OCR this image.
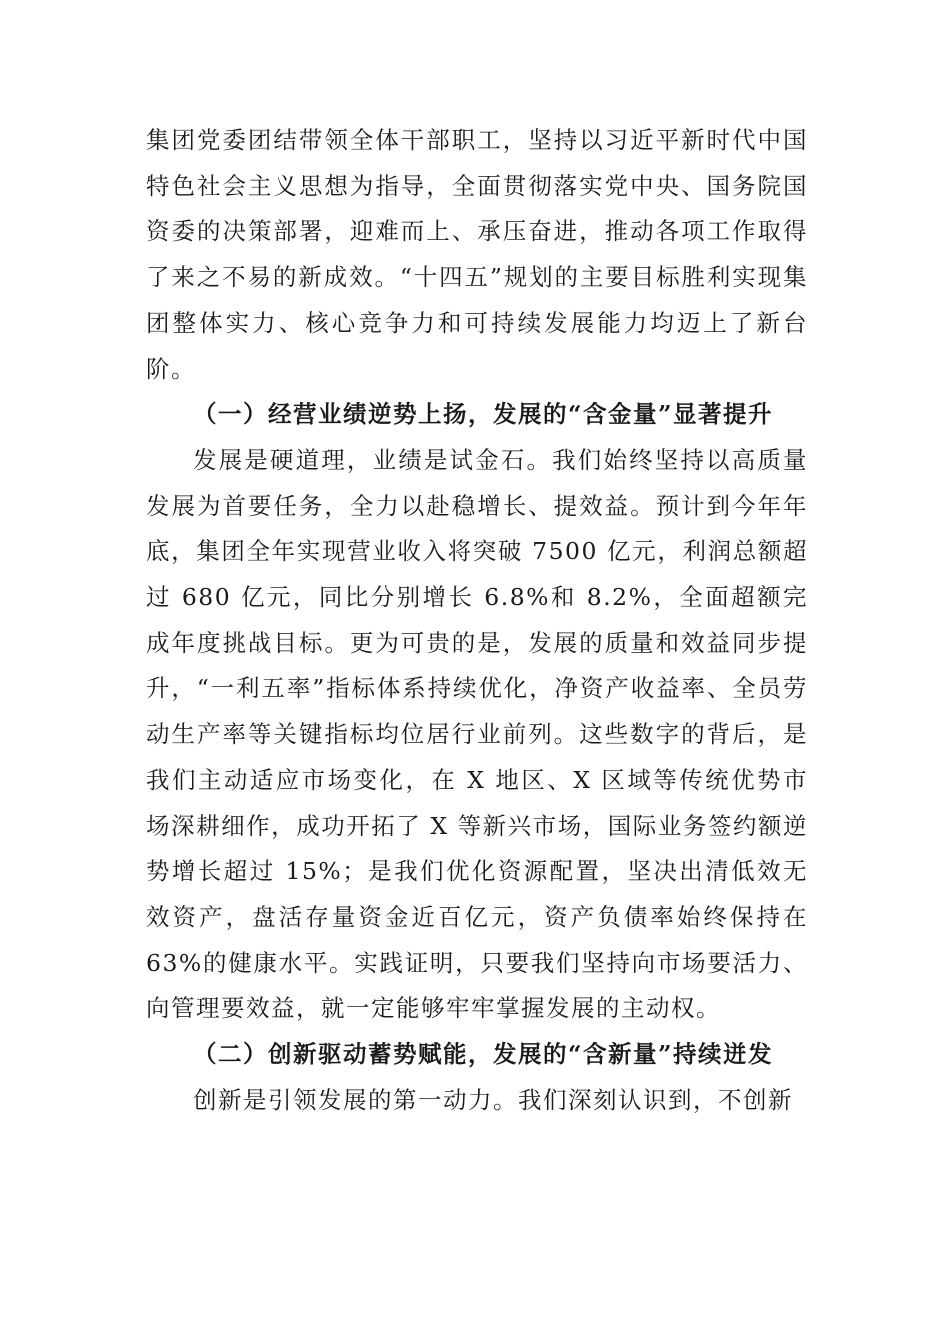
集团党委团结带领全体干部职工，坚持以习近平新时代中国特色社会主义思想为指导，全面贯彻落实党中央、国务院国资委的决策部署，迎难而上、承压奋进，推动各项工作取得了来之不易的新成效。“十四五”规划的主要目标胜利实现集团整体实力、核心竞争力和可持续发展能力均迈上了新台阶。

（一）经营业绩逆势上扬，发展的“含金量”显著提升

发展是硬道理，业绩是试金石。我们始终坚持以高质量发展为首要任务，全力以赴稳增长、提效益。预计到今年年底，集团全年实现营业收入将突破 7500 亿元，利润总额超过 680 亿元，同比分别增长 6.8%和 8.2%，全面超额完成年度挑战目标。更为可贵的是，发展的质量和效益同步提升，“一利五率”指标体系持续优化，净资产收益率、全员劳动生产率等关键指标均位居行业前列。这些数字的背后，是我们主动适应市场变化，在 X 地区、X 区域等传统优势市场深耕细作，成功开拓了 X 等新兴市场，国际业务签约额逆势增长超过 15%；是我们优化资源配置，坚决出清低效无效资产，盘活存量资金近百亿元，资产负债率始终保持在63%的健康水平。实践证明，只要我们坚持向市场要活力、向管理要效益，就一定能够牢牢掌握发展的主动权。

（二）创新驱动蓄势赋能，发展的“含新量”持续迸发

创新是引领发展的第一动力。我们深刻认识到，不创新
